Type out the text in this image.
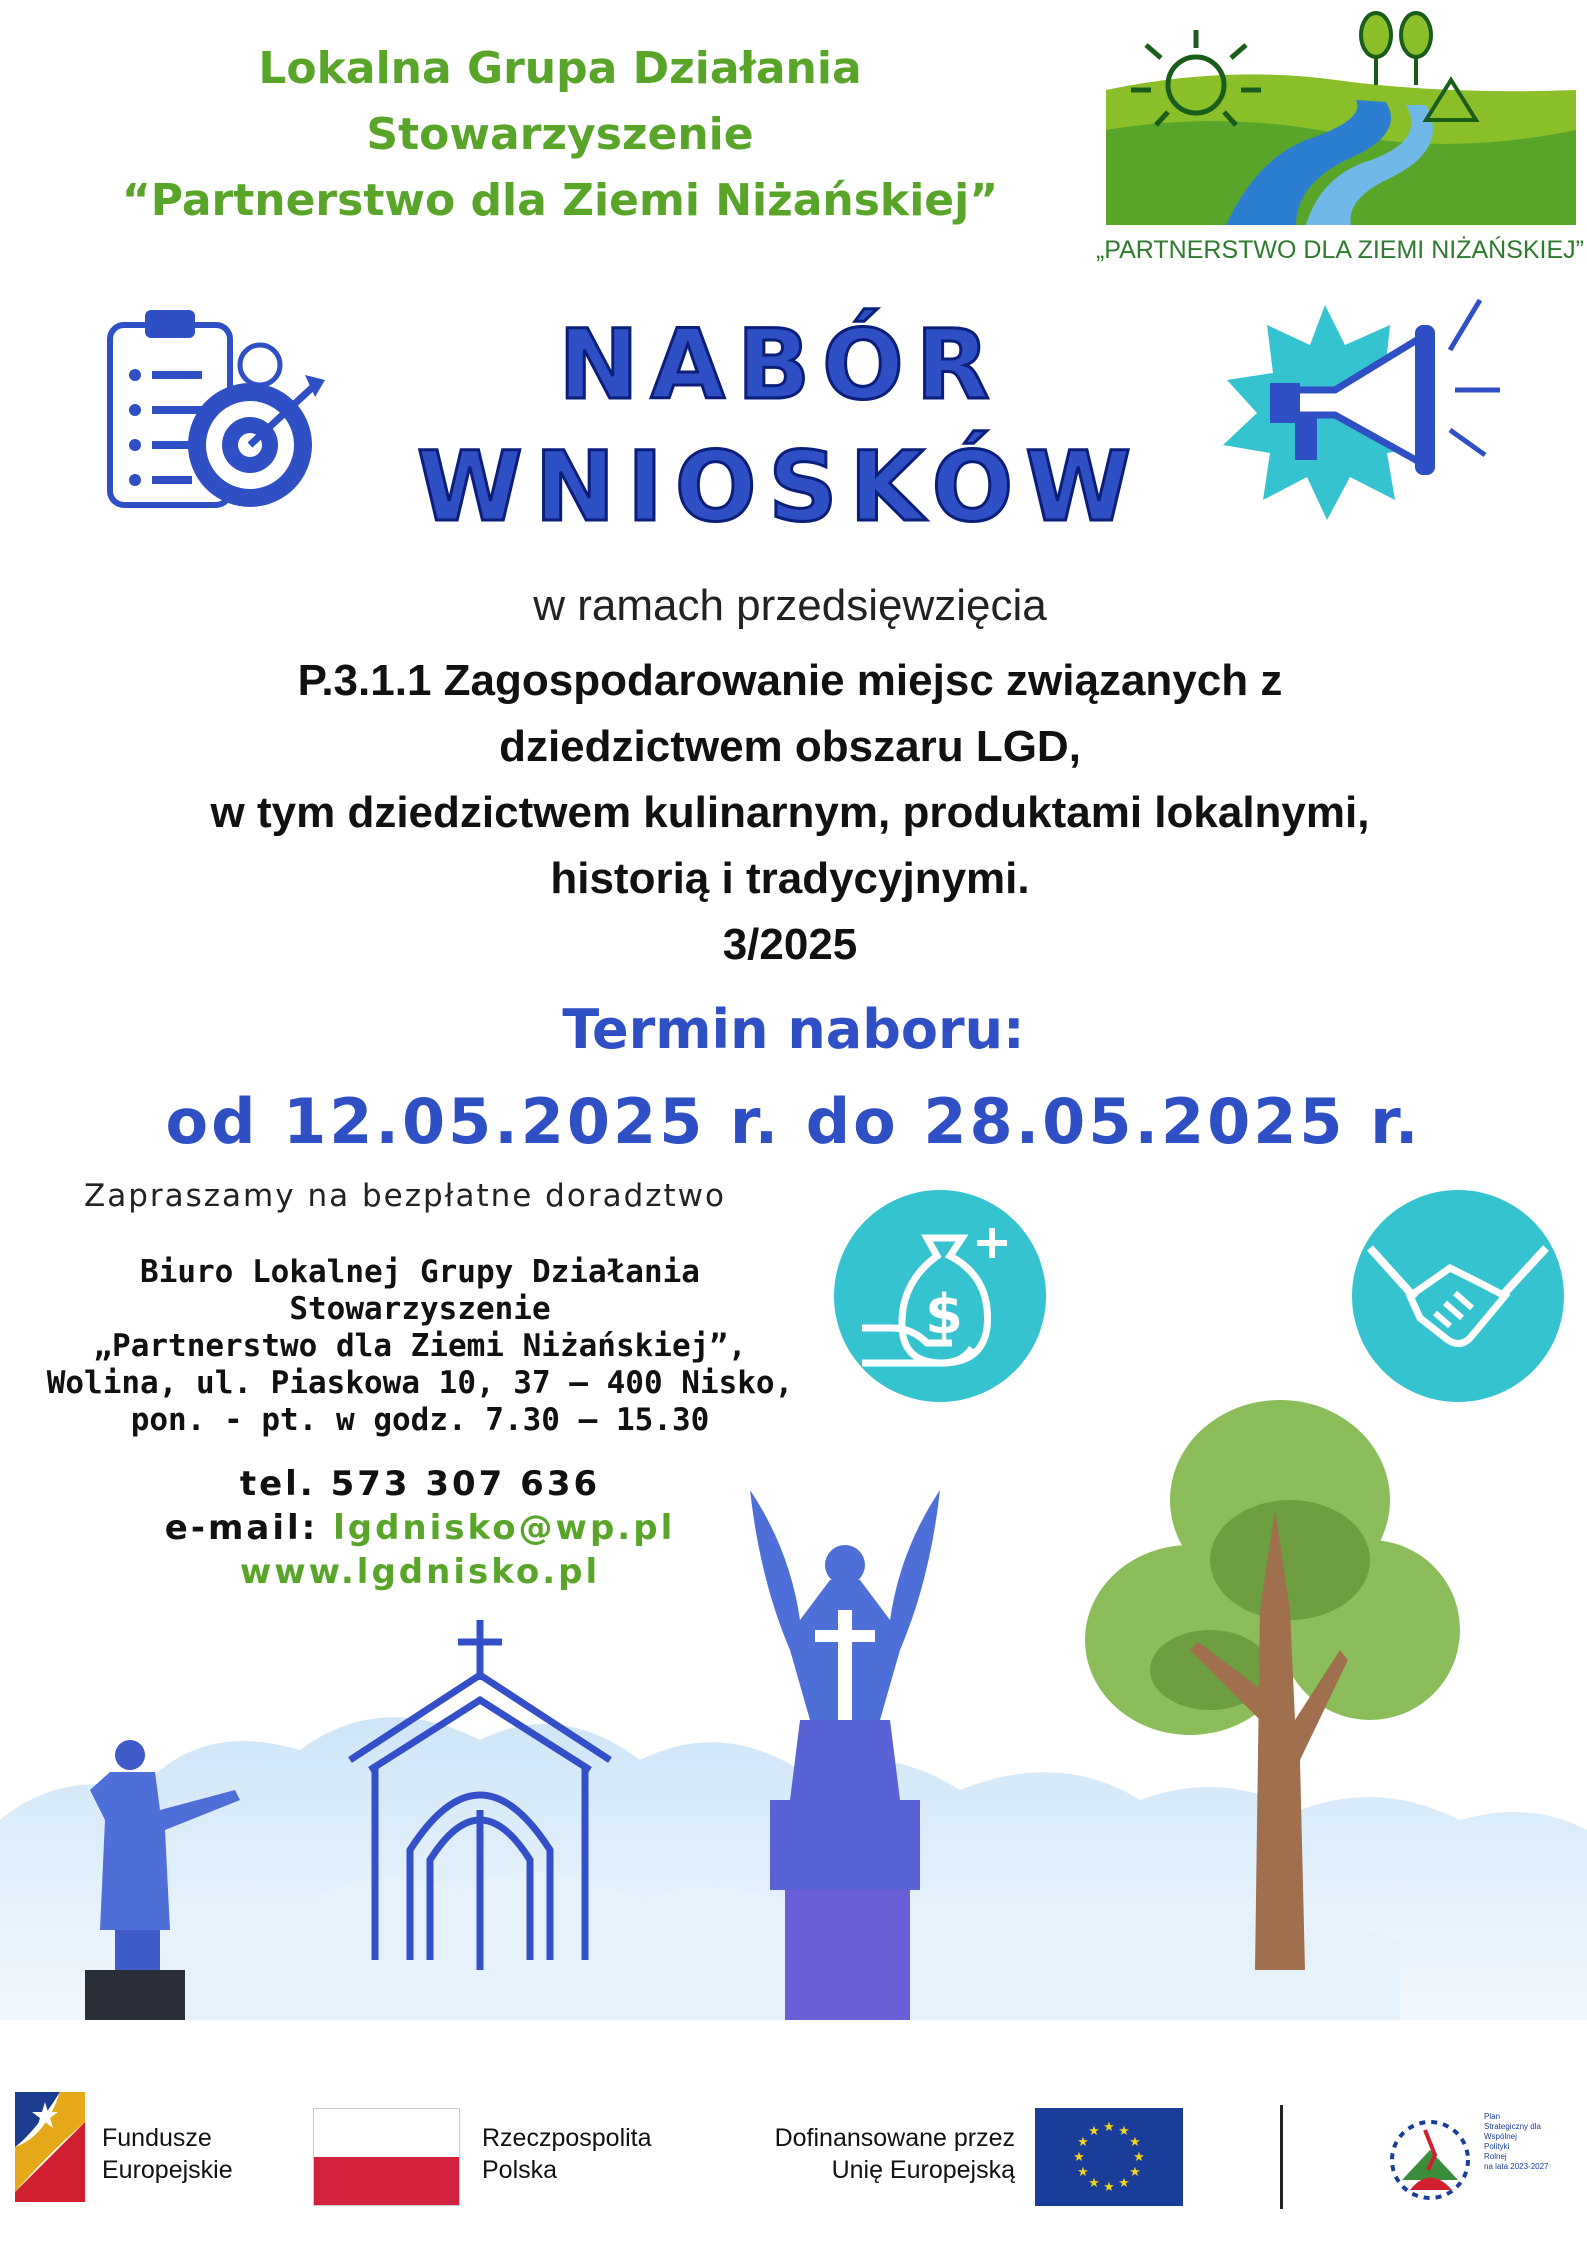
Lokalna Grupa Działania
Stowarzyszenie
“Partnerstwo dla Ziemi Niżańskiej”
„PARTNERSTWO DLA ZIEMI NIŻAŃSKIEJ”
NABÓR
WNIOSKÓW
w ramach przedsięwzięcia
P.3.1.1 Zagospodarowanie miejsc związanych z
dziedzictwem obszaru LGD,
w tym dziedzictwem kulinarnym, produktami lokalnymi,
historią i tradycyjnymi.
3/2025
Termin naboru:
od 12.05.2025 r. do 28.05.2025 r.
Zapraszamy na bezpłatne doradztwo
Biuro Lokalnej Grupy Działania
Stowarzyszenie
„Partnerstwo dla Ziemi Niżańskiej”,
Wolina, ul. Piaskowa 10, 37 – 400 Nisko,
pon. - pt. w godz. 7.30 – 15.30
tel. 573 307 636
e-mail: lgdnisko@wp.pl
www.lgdnisko.pl
$
Fundusze
Europejskie
Rzeczpospolita
Polska
Dofinansowane przez
Unię Europejską
★ ★
★
★
★
★
★
★
★
★
★
★
Plan
Strategiczny dla
Wspólnej
Polityki
Rolnej
na lata 2023-2027
